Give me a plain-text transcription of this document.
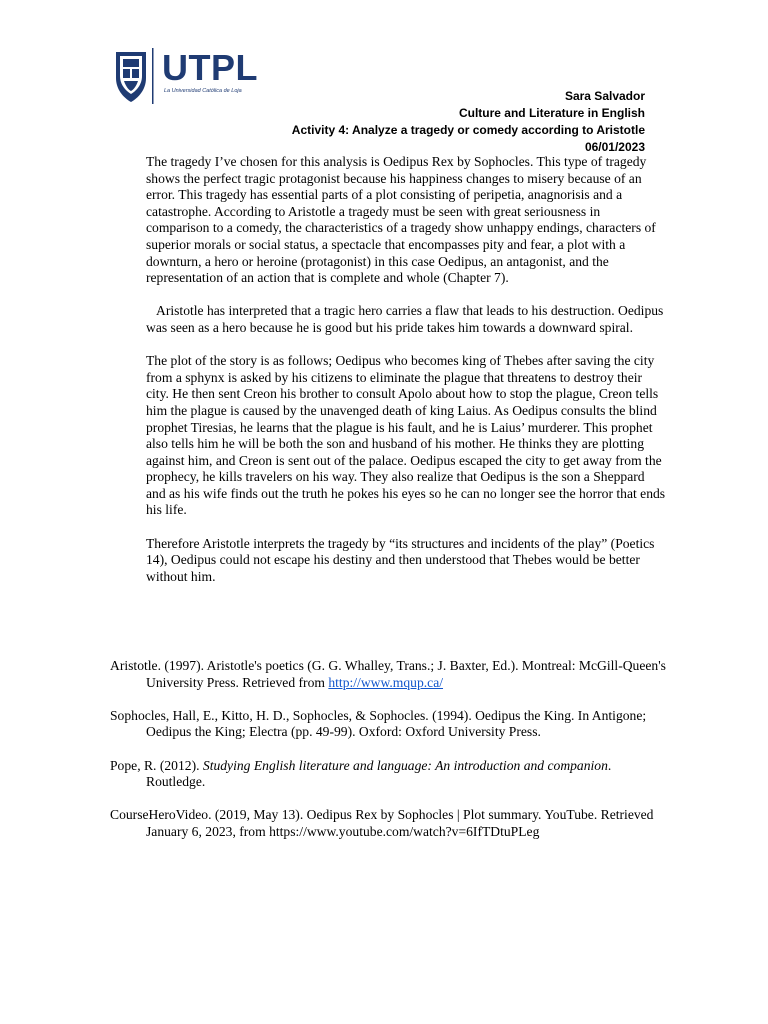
UTPL
La Universidad Católica de Loja	Sara Salvador
Culture and Literature in English
Activity 4: Analyze a tragedy or comedy according to Aristotle
06/01/2023

The tragedy I’ve chosen for this analysis is Oedipus Rex by Sophocles. This type of tragedy shows the perfect tragic protagonist because his happiness changes to misery because of an error. This tragedy has essential parts of a plot consisting of peripetia, anagnorisis and a catastrophe. According to Aristotle a tragedy must be seen with great seriousness in comparison to a comedy, the characteristics of a tragedy show unhappy endings, characters of superior morals or social status, a spectacle that encompasses pity and fear, a plot with a downturn, a hero or heroine (protagonist) in this case Oedipus, an antagonist, and the representation of an action that is complete and whole (Chapter 7).

Aristotle has interpreted that a tragic hero carries a flaw that leads to his destruction. Oedipus was seen as a hero because he is good but his pride takes him towards a downward spiral.

The plot of the story is as follows; Oedipus who becomes king of Thebes after saving the city from a sphynx is asked by his citizens to eliminate the plague that threatens to destroy their city. He then sent Creon his brother to consult Apolo about how to stop the plague, Creon tells him the plague is caused by the unavenged death of king Laius. As Oedipus consults the blind prophet Tiresias, he learns that the plague is his fault, and he is Laius’ murderer. This prophet also tells him he will be both the son and husband of his mother. He thinks they are plotting against him, and Creon is sent out of the palace. Oedipus escaped the city to get away from the prophecy, he kills travelers on his way. They also realize that Oedipus is the son a Sheppard and as his wife finds out the truth he pokes his eyes so he can no longer see the horror that ends his life.

Therefore Aristotle interprets the tragedy by “its structures and incidents of the play” (Poetics 14), Oedipus could not escape his destiny and then understood that Thebes would be better without him.

Aristotle. (1997). Aristotle's poetics (G. G. Whalley, Trans.; J. Baxter, Ed.). Montreal: McGill-Queen's University Press. Retrieved from http://www.mqup.ca/
Sophocles, Hall, E., Kitto, H. D., Sophocles, & Sophocles. (1994). Oedipus the King. In Antigone; Oedipus the King; Electra (pp. 49-99). Oxford: Oxford University Press.
Pope, R. (2012). Studying English literature and language: An introduction and companion. Routledge.
CourseHeroVideo. (2019, May 13). Oedipus Rex by Sophocles | Plot summary. YouTube. Retrieved January 6, 2023, from https://www.youtube.com/watch?v=6IfTDtuPLeg
